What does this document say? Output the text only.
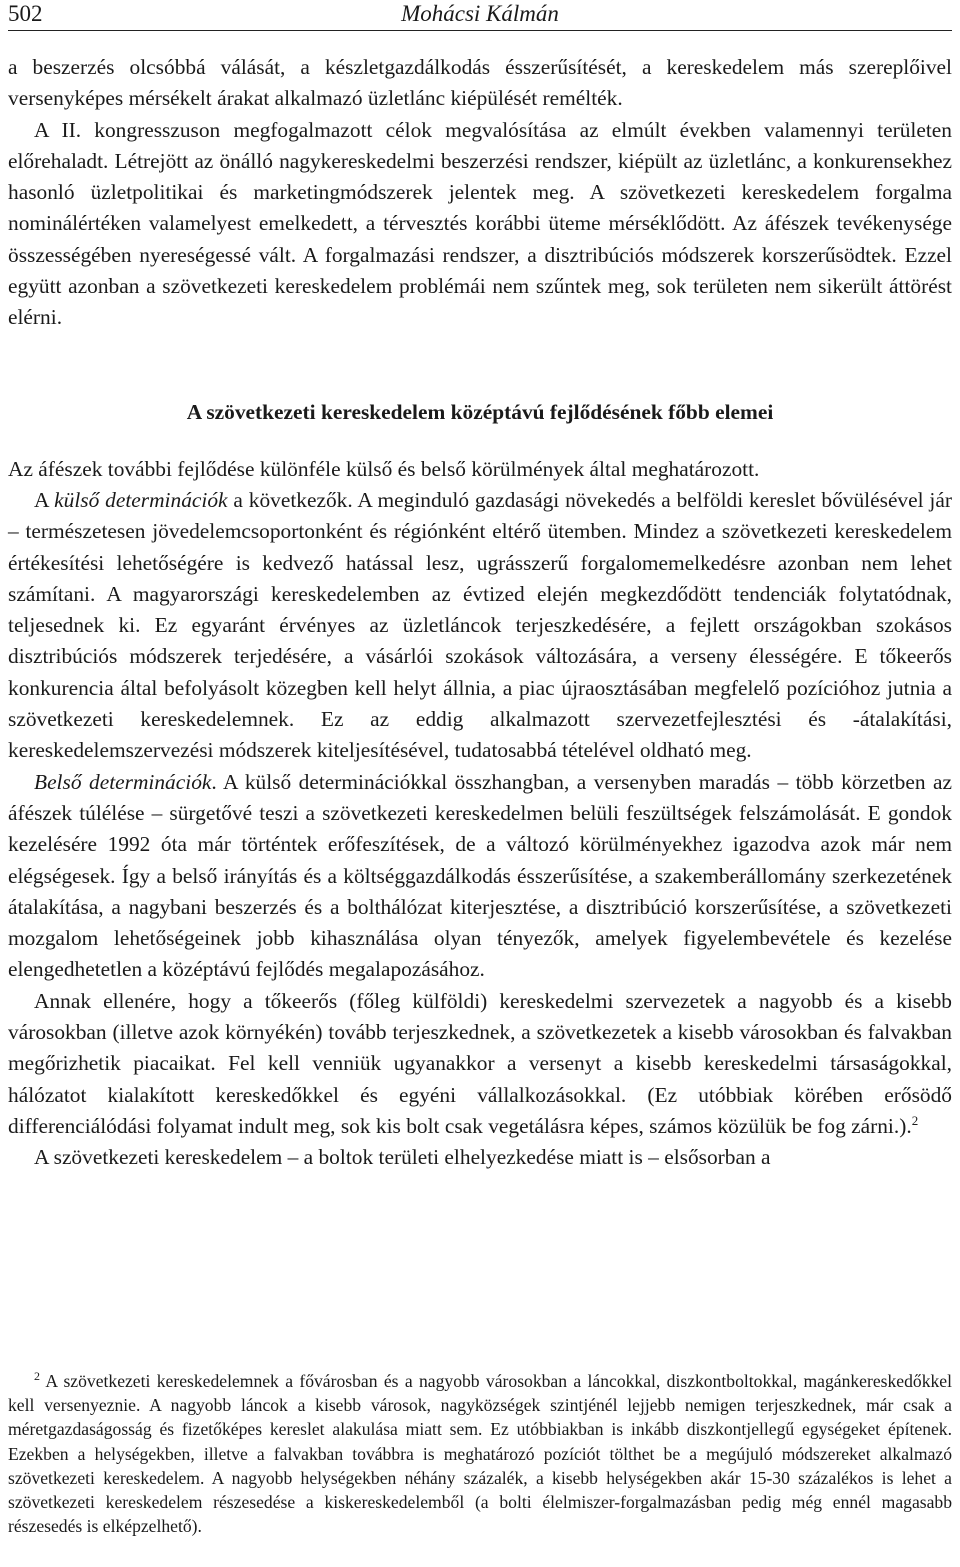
502	Mohácsi Kálmán

a beszerzés olcsóbbá válását, a készletgazdálkodás ésszerűsítését, a kereskedelem más szereplőivel versenyképes mérsékelt árakat alkalmazó üzletlánc kiépülését remélték.

A II. kongresszuson megfogalmazott célok megvalósítása az elmúlt években valamennyi területen előrehaladt. Létrejött az önálló nagykereskedelmi beszerzési rendszer, kiépült az üzletlánc, a konkurensekhez hasonló üzletpolitikai és marketingmódszerek jelentek meg. A szövetkezeti kereskedelem forgalma nominálértéken valamelyest emelkedett, a térvesztés korábbi üteme mérséklődött. Az áfészek tevékenysége összességében nyereségessé vált. A forgalmazási rendszer, a disztribúciós módszerek korszerűsödtek. Ezzel együtt azonban a szövetkezeti kereskedelem problémái nem szűntek meg, sok területen nem sikerült áttörést elérni.

A szövetkezeti kereskedelem középtávú fejlődésének főbb elemei

Az áfészek további fejlődése különféle külső és belső körülmények által meghatározott.

A külső determinációk a következők. A meginduló gazdasági növekedés a belföldi kereslet bővülésével jár – természetesen jövedelemcsoportonként és régiónként eltérő ütemben. Mindez a szövetkezeti kereskedelem értékesítési lehetőségére is kedvező hatással lesz, ugrásszerű forgalomemelkedésre azonban nem lehet számítani. A magyarországi kereskedelemben az évtized elején megkezdődött tendenciák folytatódnak, teljesednek ki. Ez egyaránt érvényes az üzletláncok terjeszkedésére, a fejlett országokban szokásos disztribúciós módszerek terjedésére, a vásárlói szokások változására, a verseny élességére. E tőkeerős konkurencia által befolyásolt közegben kell helyt állnia, a piac újraosztásában megfelelő pozícióhoz jutnia a szövetkezeti kereskedelemnek. Ez az eddig alkalmazott szervezetfejlesztési és -átalakítási, kereskedelemszervezési módszerek kiteljesítésével, tudatosabbá tételével oldható meg.

Belső determinációk. A külső determinációkkal összhangban, a versenyben maradás – több körzetben az áfészek túlélése – sürgetővé teszi a szövetkezeti kereskedelmen belüli feszültségek felszámolását. E gondok kezelésére 1992 óta már történtek erőfeszítések, de a változó körülményekhez igazodva azok már nem elégségesek. Így a belső irányítás és a költséggazdálkodás ésszerűsítése, a szakemberállomány szerkezetének átalakítása, a nagybani beszerzés és a bolthálózat kiterjesztése, a disztribúció korszerűsítése, a szövetkezeti mozgalom lehetőségeinek jobb kihasználása olyan tényezők, amelyek figyelembevétele és kezelése elengedhetetlen a középtávú fejlődés megalapozásához.

Annak ellenére, hogy a tőkeerős (főleg külföldi) kereskedelmi szervezetek a nagyobb és a kisebb városokban (illetve azok környékén) tovább terjeszkednek, a szövetkezetek a kisebb városokban és falvakban megőrizhetik piacaikat. Fel kell venniük ugyanakkor a versenyt a kisebb kereskedelmi társaságokkal, hálózatot kialakított kereskedőkkel és egyéni vállalkozásokkal. (Ez utóbbiak körében erősödő differenciálódási folyamat indult meg, sok kis bolt csak vegetálásra képes, számos közülük be fog zárni.).$^2$

A szövetkezeti kereskedelem – a boltok területi elhelyezkedése miatt is – elsősorban a

$^2$ A szövetkezeti kereskedelemnek a fővárosban és a nagyobb városokban a láncokkal, diszkontboltokkal, magánkereskedőkkel kell versenyeznie. A nagyobb láncok a kisebb városok, nagyközségek szintjénél lejjebb nemigen terjeszkednek, már csak a méretgazdaságosság és fizetőképes kereslet alakulása miatt sem. Ez utóbbiakban is inkább diszkontjellegű egységeket építenek. Ezekben a helységekben, illetve a falvakban továbbra is meghatározó pozíciót tölthet be a megújuló módszereket alkalmazó szövetkezeti kereskedelem. A nagyobb helységekben néhány százalék, a kisebb helységekben akár 15-30 százalékos is lehet a szövetkezeti kereskedelem részesedése a kiskereskedelemből (a bolti élelmiszer-forgalmazásban pedig még ennél magasabb részesedés is elképzelhető).
